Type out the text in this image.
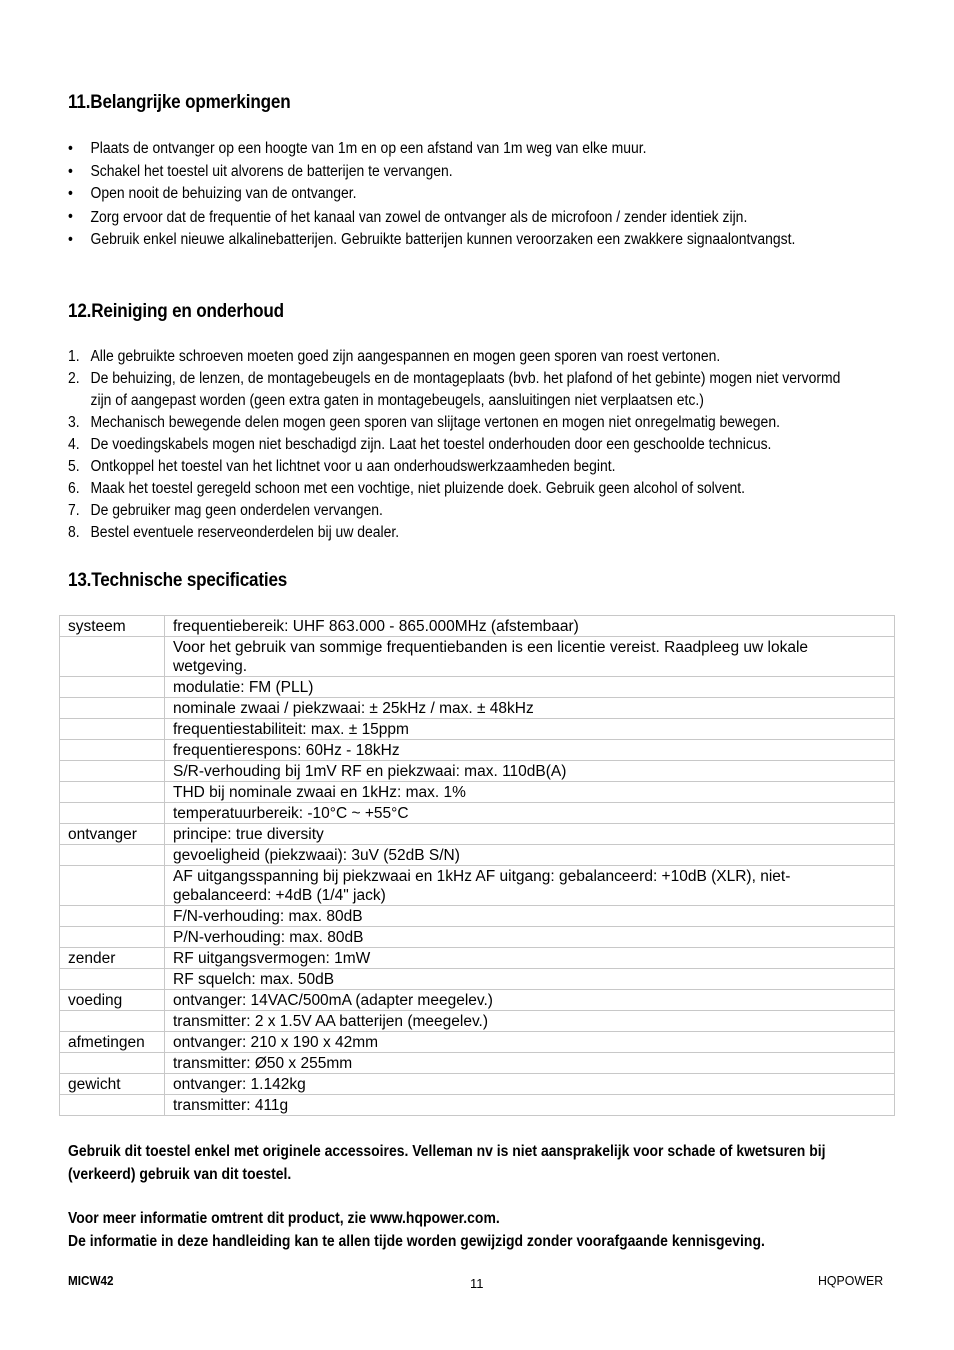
11.Belangrijke opmerkingen
• Plaats de ontvanger op een hoogte van 1m en op een afstand van 1m weg van elke muur.
• Schakel het toestel uit alvorens de batterijen te vervangen.
• Open nooit de behuizing van de ontvanger.
• Zorg ervoor dat de frequentie of het kanaal van zowel de ontvanger als de microfoon / zender identiek zijn.
• Gebruik enkel nieuwe alkalinebatterijen. Gebruikte batterijen kunnen veroorzaken een zwakkere signaalontvangst.
12.Reiniging en onderhoud
1. Alle gebruikte schroeven moeten goed zijn aangespannen en mogen geen sporen van roest vertonen.
2. De behuizing, de lenzen, de montagebeugels en de montageplaats (bvb. het plafond of het gebinte) mogen niet vervormd zijn of aangepast worden (geen extra gaten in montagebeugels, aansluitingen niet verplaatsen etc.)
3. Mechanisch bewegende delen mogen geen sporen van slijtage vertonen en mogen niet onregelmatig bewegen.
4. De voedingskabels mogen niet beschadigd zijn. Laat het toestel onderhouden door een geschoolde technicus.
5. Ontkoppel het toestel van het lichtnet voor u aan onderhoudswerkzaamheden begint.
6. Maak het toestel geregeld schoon met een vochtige, niet pluizende doek. Gebruik geen alcohol of solvent.
7. De gebruiker mag geen onderdelen vervangen.
8. Bestel eventuele reserveonderdelen bij uw dealer.
13.Technische specificaties
systeem	frequentiebereik: UHF 863.000 - 865.000MHz (afstembaar)
	Voor het gebruik van sommige frequentiebanden is een licentie vereist. Raadpleeg uw lokale wetgeving.
	modulatie: FM (PLL)
	nominale zwaai / piekzwaai: ± 25kHz / max. ± 48kHz
	frequentiestabiliteit: max. ± 15ppm
	frequentierespons: 60Hz - 18kHz
	S/R-verhouding bij 1mV RF en piekzwaai: max. 110dB(A)
	THD bij nominale zwaai en 1kHz: max. 1%
	temperatuurbereik: -10°C ~ +55°C
ontvanger	principe: true diversity
	gevoeligheid (piekzwaai): 3uV (52dB S/N)
	AF uitgangsspanning bij piekzwaai en 1kHz AF uitgang: gebalanceerd: +10dB (XLR), niet-gebalanceerd: +4dB (1/4" jack)
	F/N-verhouding: max. 80dB
	P/N-verhouding: max. 80dB
zender	RF uitgangsvermogen: 1mW
	RF squelch: max. 50dB
voeding	ontvanger: 14VAC/500mA (adapter meegelev.)
	transmitter: 2 x 1.5V AA batterijen (meegelev.)
afmetingen	ontvanger: 210 x 190 x 42mm
	transmitter: Ø50 x 255mm
gewicht	ontvanger: 1.142kg
	transmitter: 411g

Gebruik dit toestel enkel met originele accessoires. Velleman nv is niet aansprakelijk voor schade of kwetsuren bij (verkeerd) gebruik van dit toestel.

Voor meer informatie omtrent dit product, zie www.hqpower.com.

De informatie in deze handleiding kan te allen tijde worden gewijzigd zonder voorafgaande kennisgeving.

MICW42	11	HQPOWER
